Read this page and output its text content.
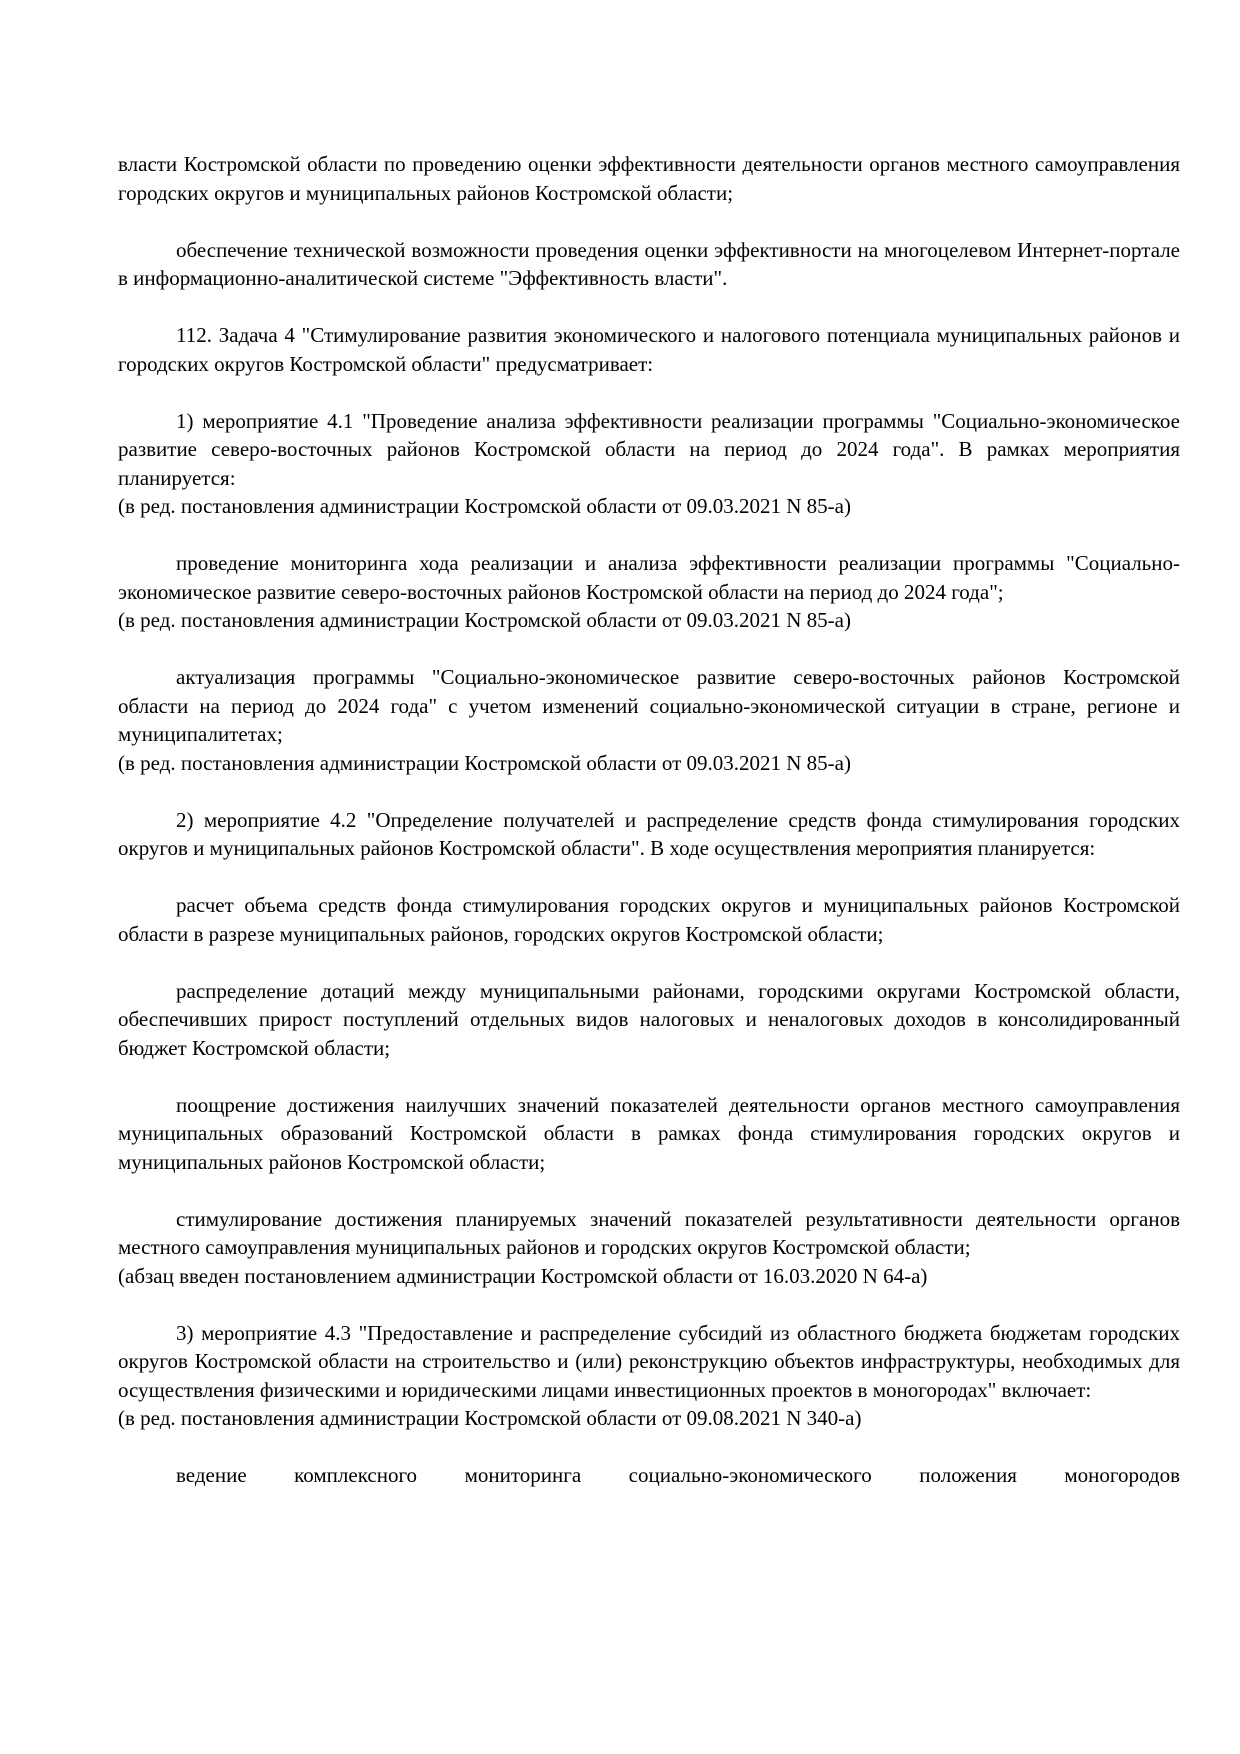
власти Костромской области по проведению оценки эффективности деятельности органов местного самоуправления городских округов и муниципальных районов Костромской области;

обеспечение технической возможности проведения оценки эффективности на многоцелевом Интернет-портале в информационно-аналитической системе "Эффективность власти".

112. Задача 4 "Стимулирование развития экономического и налогового потенциала муниципальных районов и городских округов Костромской области" предусматривает:

1) мероприятие 4.1 "Проведение анализа эффективности реализации программы "Социально-экономическое развитие северо-восточных районов Костромской области на период до 2024 года". В рамках мероприятия планируется:

(в ред. постановления администрации Костромской области от 09.03.2021 N 85-а)

проведение мониторинга хода реализации и анализа эффективности реализации программы "Социально-экономическое развитие северо-восточных районов Костромской области на период до 2024 года";

(в ред. постановления администрации Костромской области от 09.03.2021 N 85-а)

актуализация программы "Социально-экономическое развитие северо-восточных районов Костромской области на период до 2024 года" с учетом изменений социально-экономической ситуации в стране, регионе и муниципалитетах;

(в ред. постановления администрации Костромской области от 09.03.2021 N 85-а)

2) мероприятие 4.2 "Определение получателей и распределение средств фонда стимулирования городских округов и муниципальных районов Костромской области". В ходе осуществления мероприятия планируется:

расчет объема средств фонда стимулирования городских округов и муниципальных районов Костромской области в разрезе муниципальных районов, городских округов Костромской области;

распределение дотаций между муниципальными районами, городскими округами Костромской области, обеспечивших прирост поступлений отдельных видов налоговых и неналоговых доходов в консолидированный бюджет Костромской области;

поощрение достижения наилучших значений показателей деятельности органов местного самоуправления муниципальных образований Костромской области в рамках фонда стимулирования городских округов и муниципальных районов Костромской области;

стимулирование достижения планируемых значений показателей результативности деятельности органов местного самоуправления муниципальных районов и городских округов Костромской области;

(абзац введен постановлением администрации Костромской области от 16.03.2020 N 64-а)

3) мероприятие 4.3 "Предоставление и распределение субсидий из областного бюджета бюджетам городских округов Костромской области на строительство и (или) реконструкцию объектов инфраструктуры, необходимых для осуществления физическими и юридическими лицами инвестиционных проектов в моногородах" включает:

(в ред. постановления администрации Костромской области от 09.08.2021 N 340-а)

ведение комплексного мониторинга социально-экономического положения моногородов
